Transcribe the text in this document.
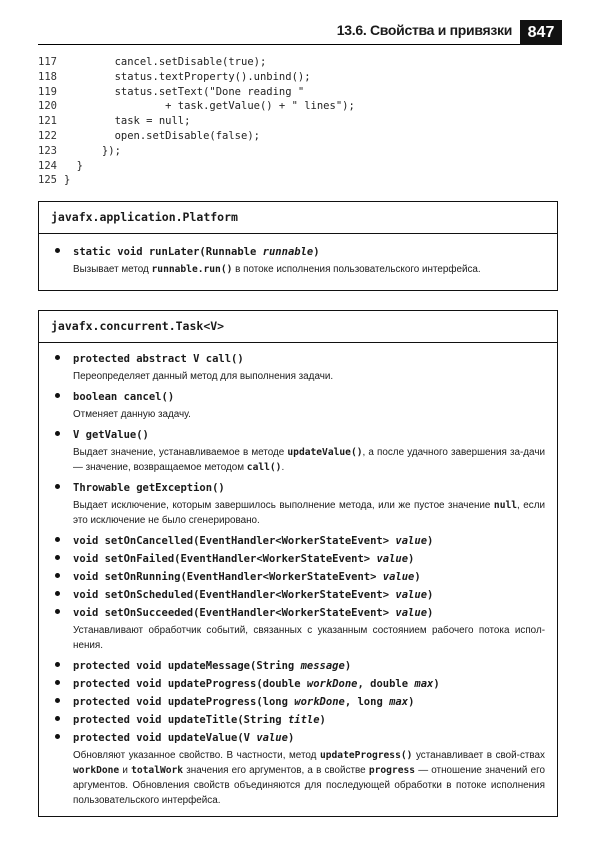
13.6. Свойства и привязки 847
117        cancel.setDisable(true);
118        status.textProperty().unbind();
119        status.setText("Done reading "
120                + task.getValue() + " lines");
121        task = null;
122        open.setDisable(false);
123      });
124  }
125 }
javafx.application.Platform
static void runLater(Runnable runnable)
Вызывает метод runnable.run() в потоке исполнения пользовательского интерфейса.
javafx.concurrent.Task<V>
protected abstract V call()
Переопределяет данный метод для выполнения задачи.
boolean cancel()
Отменяет данную задачу.
V getValue()
Выдает значение, устанавливаемое в методе updateValue(), а после удачного завершения за-дачи — значение, возвращаемое методом call().
Throwable getException()
Выдает исключение, которым завершилось выполнение метода, или же пустое значение null, если это исключение не было сгенерировано.
void setOnCancelled(EventHandler<WorkerStateEvent> value)
void setOnFailed(EventHandler<WorkerStateEvent> value)
void setOnRunning(EventHandler<WorkerStateEvent> value)
void setOnScheduled(EventHandler<WorkerStateEvent> value)
void setOnSucceeded(EventHandler<WorkerStateEvent> value)
Устанавливают обработчик событий, связанных с указанным состоянием рабочего потока испол-нения.
protected void updateMessage(String message)
protected void updateProgress(double workDone, double max)
protected void updateProgress(long workDone, long max)
protected void updateTitle(String title)
protected void updateValue(V value)
Обновляют указанное свойство. В частности, метод updateProgress() устанавливает в свой-ствах workDone и totalWork значения его аргументов, а в свойстве progress — отношение значений его аргументов. Обновления свойств объединяются для последующей обработки в потоке исполнения пользовательского интерфейса.
